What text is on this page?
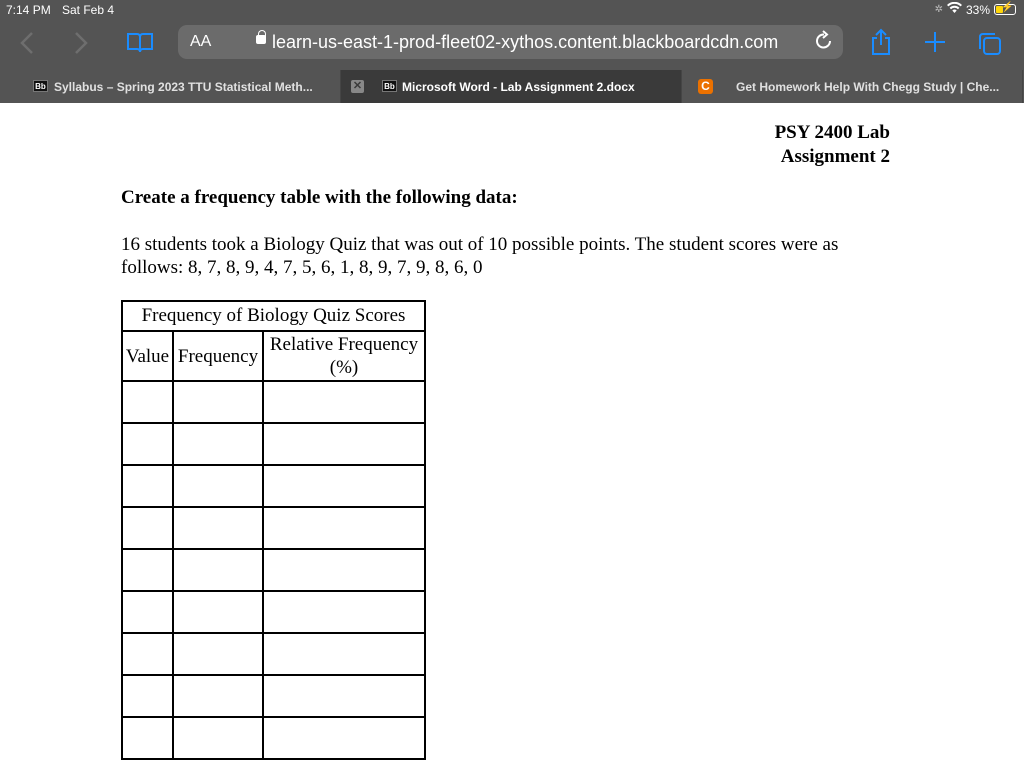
7:14 PM Sat Feb 4	✲ 33% ⚡
AA	learn-us-east-1-prod-fleet02-xythos.content.blackboardcdn.com
Bb Syllabus – Spring 2023 TTU Statistical Meth...	✕	Bb Microsoft Word - Lab Assignment 2.docx	C Get Homework Help With Chegg Study | Che...
PSY 2400 Lab
Assignment 2
Create a frequency table with the following data:
16 students took a Biology Quiz that was out of 10 possible points. The student scores were as follows: 8, 7, 8, 9, 4, 7, 5, 6, 1, 8, 9, 7, 9, 8, 6, 0
Frequency of Biology Quiz Scores		
Value	Frequency	Relative Frequency (%)
